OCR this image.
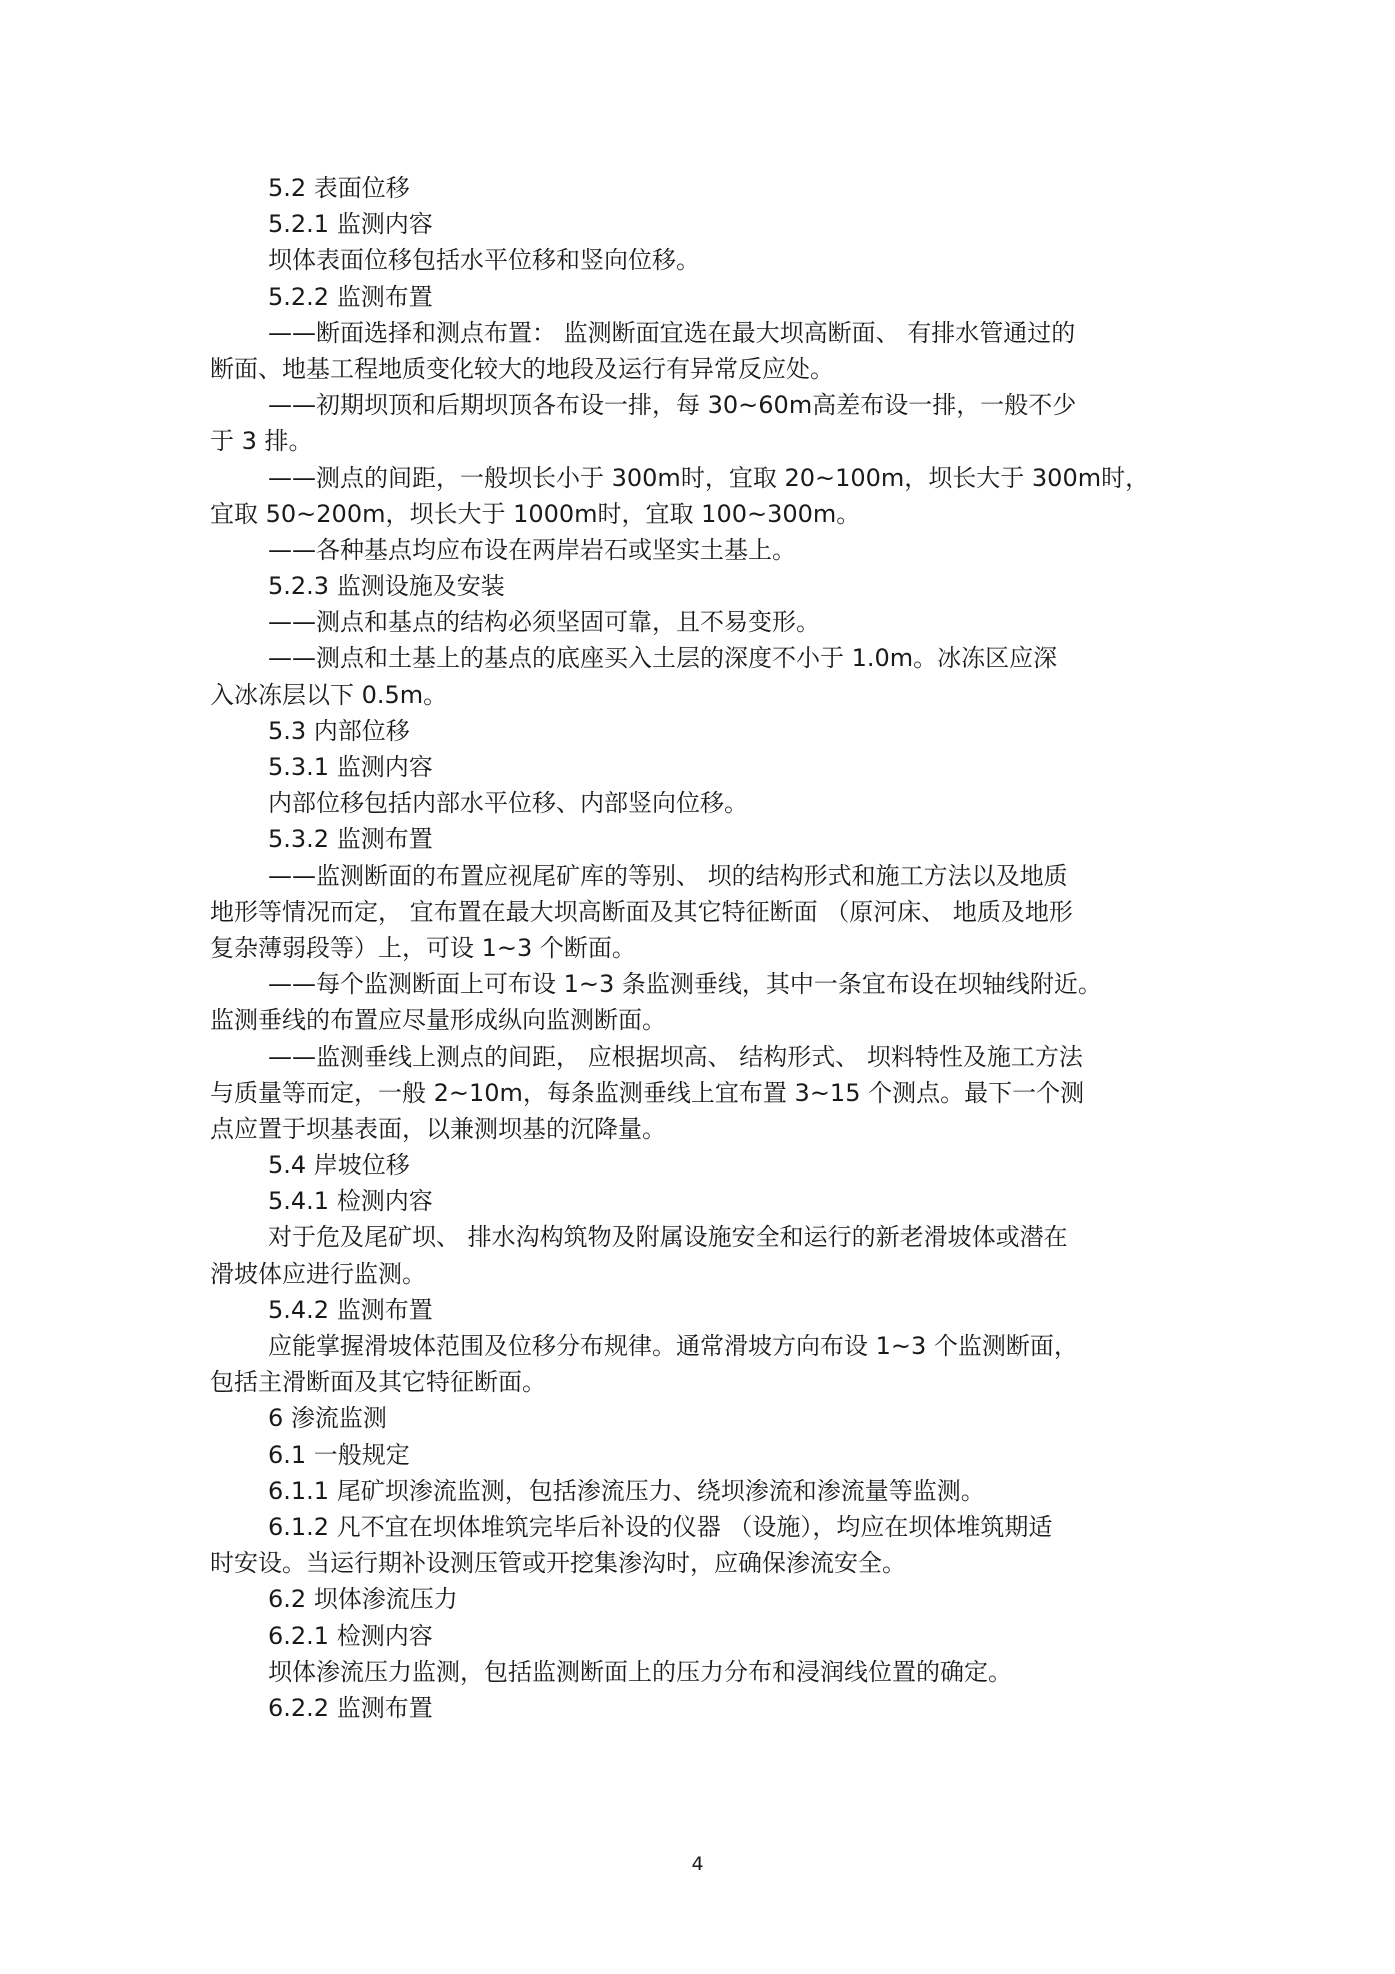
5.2 表面位移
5.2.1 监测内容
坝体表面位移包括水平位移和竖向位移。
5.2.2 监测布置
——断面选择和测点布置： 监测断面宜选在最大坝高断面、 有排水管通过的
断面、地基工程地质变化较大的地段及运行有异常反应处。
——初期坝顶和后期坝顶各布设一排，每 30~60m高差布设一排，一般不少
于 3 排。
——测点的间距，一般坝长小于 300m时，宜取 20~100m，坝长大于 300m时，
宜取 50~200m，坝长大于 1000m时，宜取 100~300m。
——各种基点均应布设在两岸岩石或坚实土基上。
5.2.3 监测设施及安装
——测点和基点的结构必须坚固可靠，且不易变形。
——测点和土基上的基点的底座买入土层的深度不小于 1.0m。冰冻区应深
入冰冻层以下 0.5m。
5.3 内部位移
5.3.1 监测内容
内部位移包括内部水平位移、内部竖向位移。
5.3.2 监测布置
——监测断面的布置应视尾矿库的等别、 坝的结构形式和施工方法以及地质
地形等情况而定， 宜布置在最大坝高断面及其它特征断面 （原河床、 地质及地形
复杂薄弱段等）上，可设 1~3 个断面。
——每个监测断面上可布设 1~3 条监测垂线，其中一条宜布设在坝轴线附近。
监测垂线的布置应尽量形成纵向监测断面。
——监测垂线上测点的间距， 应根据坝高、 结构形式、 坝料特性及施工方法
与质量等而定，一般 2~10m，每条监测垂线上宜布置 3~15 个测点。最下一个测
点应置于坝基表面，以兼测坝基的沉降量。
5.4 岸坡位移
5.4.1 检测内容
对于危及尾矿坝、 排水沟构筑物及附属设施安全和运行的新老滑坡体或潜在
滑坡体应进行监测。
5.4.2 监测布置
应能掌握滑坡体范围及位移分布规律。通常滑坡方向布设 1~3 个监测断面，
包括主滑断面及其它特征断面。
6 渗流监测
6.1 一般规定
6.1.1 尾矿坝渗流监测，包括渗流压力、绕坝渗流和渗流量等监测。
6.1.2 凡不宜在坝体堆筑完毕后补设的仪器 （设施），均应在坝体堆筑期适
时安设。当运行期补设测压管或开挖集渗沟时，应确保渗流安全。
6.2 坝体渗流压力
6.2.1 检测内容
坝体渗流压力监测，包括监测断面上的压力分布和浸润线位置的确定。
6.2.2 监测布置
4
